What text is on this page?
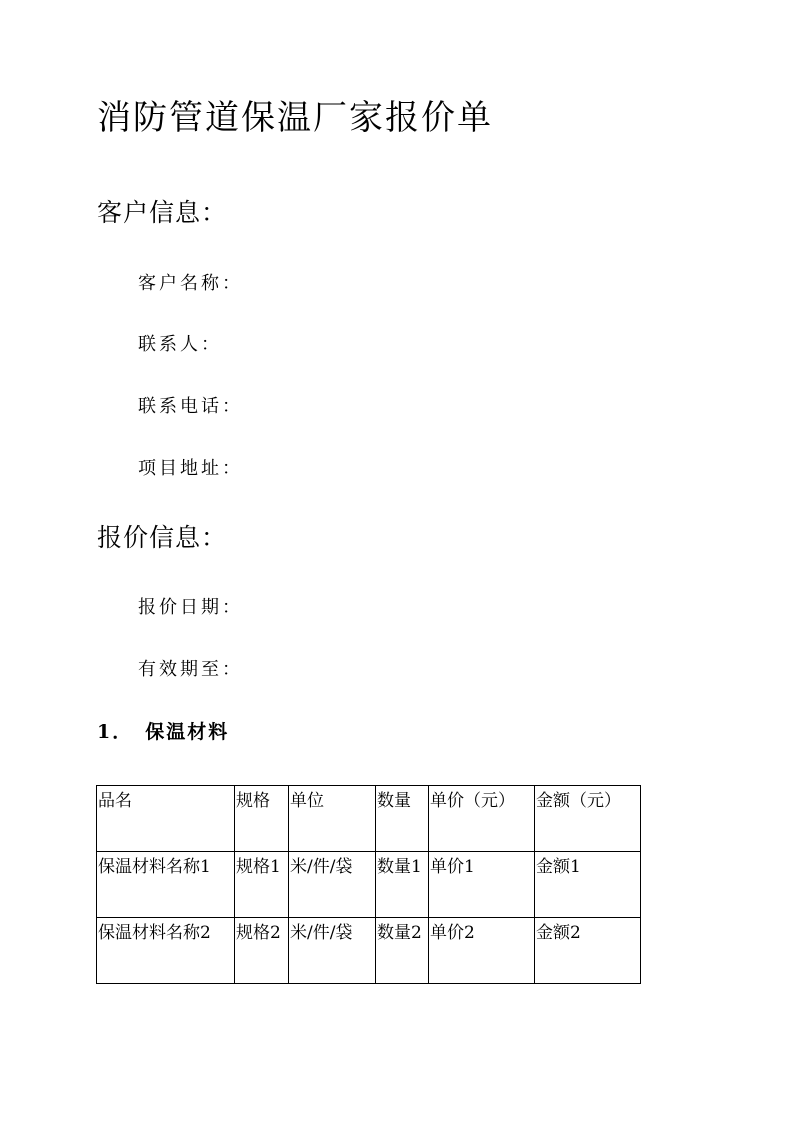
消防管道保温厂家报价单
客户信息：
客户名称：
联系人：
联系电话：
项目地址：
报价信息：
报价日期：
有效期至：
1． 保温材料
品名	规格	单位	数量	单价（元）	金额（元）
保温材料名称1	规格1	米/件/袋	数量1	单价1	金额1
保温材料名称2	规格2	米/件/袋	数量2	单价2	金额2
